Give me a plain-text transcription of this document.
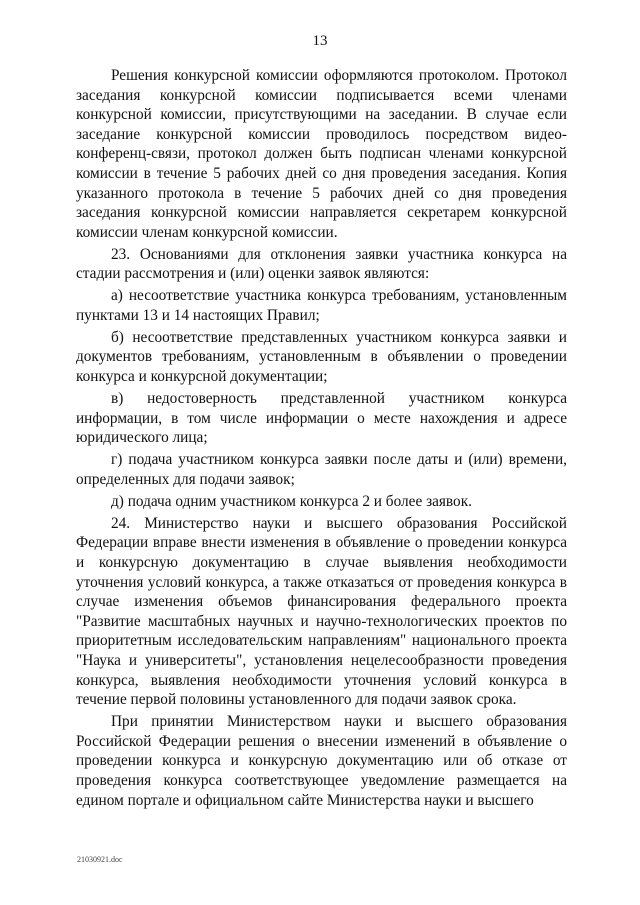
13

Решения конкурсной комиссии оформляются протоколом. Протокол заседания конкурсной комиссии подписывается всеми членами конкурсной комиссии, присутствующими на заседании. В случае если заседание конкурсной комиссии проводилось посредством видео-конференц-связи, протокол должен быть подписан членами конкурсной комиссии в течение 5 рабочих дней со дня проведения заседания. Копия указанного протокола в течение 5 рабочих дней со дня проведения заседания конкурсной комиссии направляется секретарем конкурсной комиссии членам конкурсной комиссии.

23. Основаниями для отклонения заявки участника конкурса на стадии рассмотрения и (или) оценки заявок являются:

а) несоответствие участника конкурса требованиям, установленным пунктами 13 и 14 настоящих Правил;

б) несоответствие представленных участником конкурса заявки и документов требованиям, установленным в объявлении о проведении конкурса и конкурсной документации;

в) недостоверность представленной участником конкурса информации, в том числе информации о месте нахождения и адресе юридического лица;

г) подача участником конкурса заявки после даты и (или) времени, определенных для подачи заявок;

д) подача одним участником конкурса 2 и более заявок.

24. Министерство науки и высшего образования Российской Федерации вправе внести изменения в объявление о проведении конкурса и конкурсную документацию в случае выявления необходимости уточнения условий конкурса, а также отказаться от проведения конкурса в случае изменения объемов финансирования федерального проекта "Развитие масштабных научных и научно-технологических проектов по приоритетным исследовательским направлениям" национального проекта "Наука и университеты", установления нецелесообразности проведения конкурса, выявления необходимости уточнения условий конкурса в течение первой половины установленного для подачи заявок срока.

При принятии Министерством науки и высшего образования Российской Федерации решения о внесении изменений в объявление о проведении конкурса и конкурсную документацию или об отказе от проведения конкурса соответствующее уведомление размещается на едином портале и официальном сайте Министерства науки и высшего

21030921.doc
